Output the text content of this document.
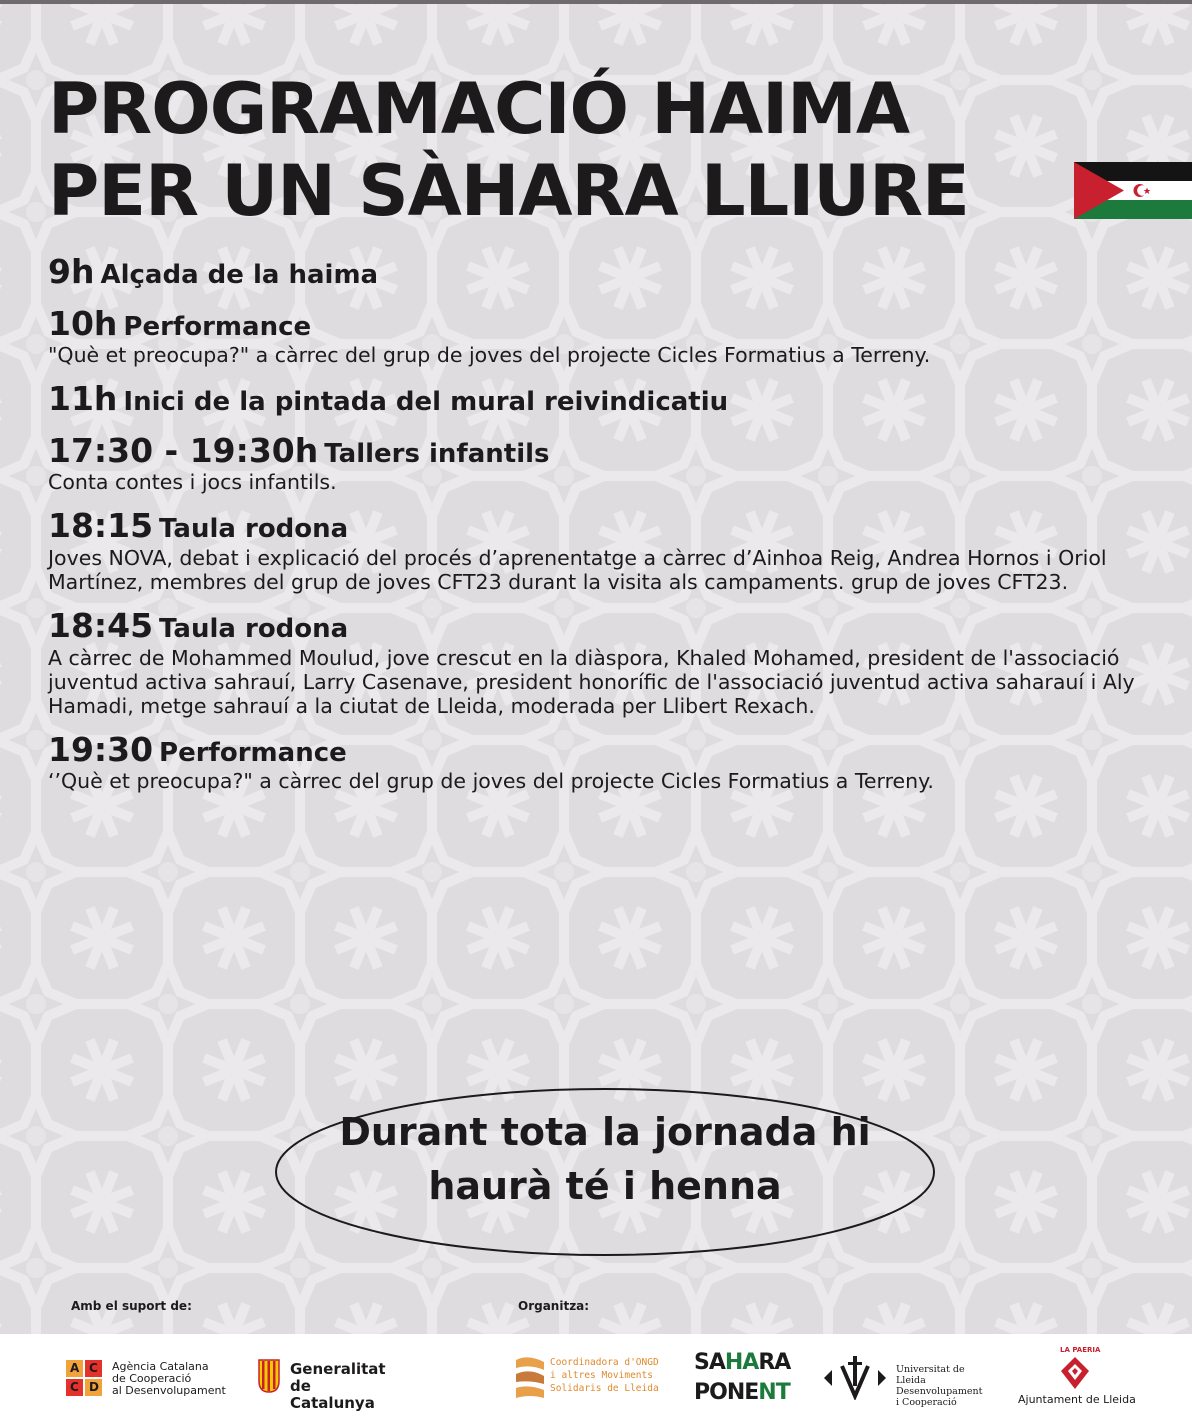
PROGRAMACIÓ HAIMA
PER UN SÀHARA LLIURE
9h Alçada de la haima
10h Performance

"Què et preocupa?" a càrrec del grup de joves del projecte Cicles Formatius a Terreny.

11h Inici de la pintada del mural reivindicatiu
17:30 - 19:30h Tallers infantils

Conta contes i jocs infantils.

18:15 Taula rodona

Joves NOVA, debat i explicació del procés d’aprenentatge a càrrec d’Ainhoa Reig, Andrea Hornos i Oriol Martínez, membres del grup de joves CFT23 durant la visita als campaments. grup de joves CFT23.

18:45 Taula rodona

A càrrec de Mohammed Moulud, jove crescut en la diàspora, Khaled Mohamed, president de l'associació juventud activa sahrauí, Larry Casenave, president honorífic de l'associació juventud activa saharauí i Aly Hamadi, metge sahrauí a la ciutat de Lleida, moderada per Llibert Rexach.

19:30 Performance

‘’Què et preocupa?" a càrrec del grup de joves del projecte Cicles Formatius a Terreny.

Durant tota la jornada hi
haurà té i henna
Amb el suport de:	Organitza:
A C
C D
Agència Catalana
de Cooperació
al Desenvolupament
Generalitat
de Catalunya
Coordinadora d'ONGD
i altres Moviments
Solidaris de Lleida
SAHARA
PONENT
Universitat de Lleida
Desenvolupament
i Cooperació
LA PAERIA
Ajuntament de Lleida
